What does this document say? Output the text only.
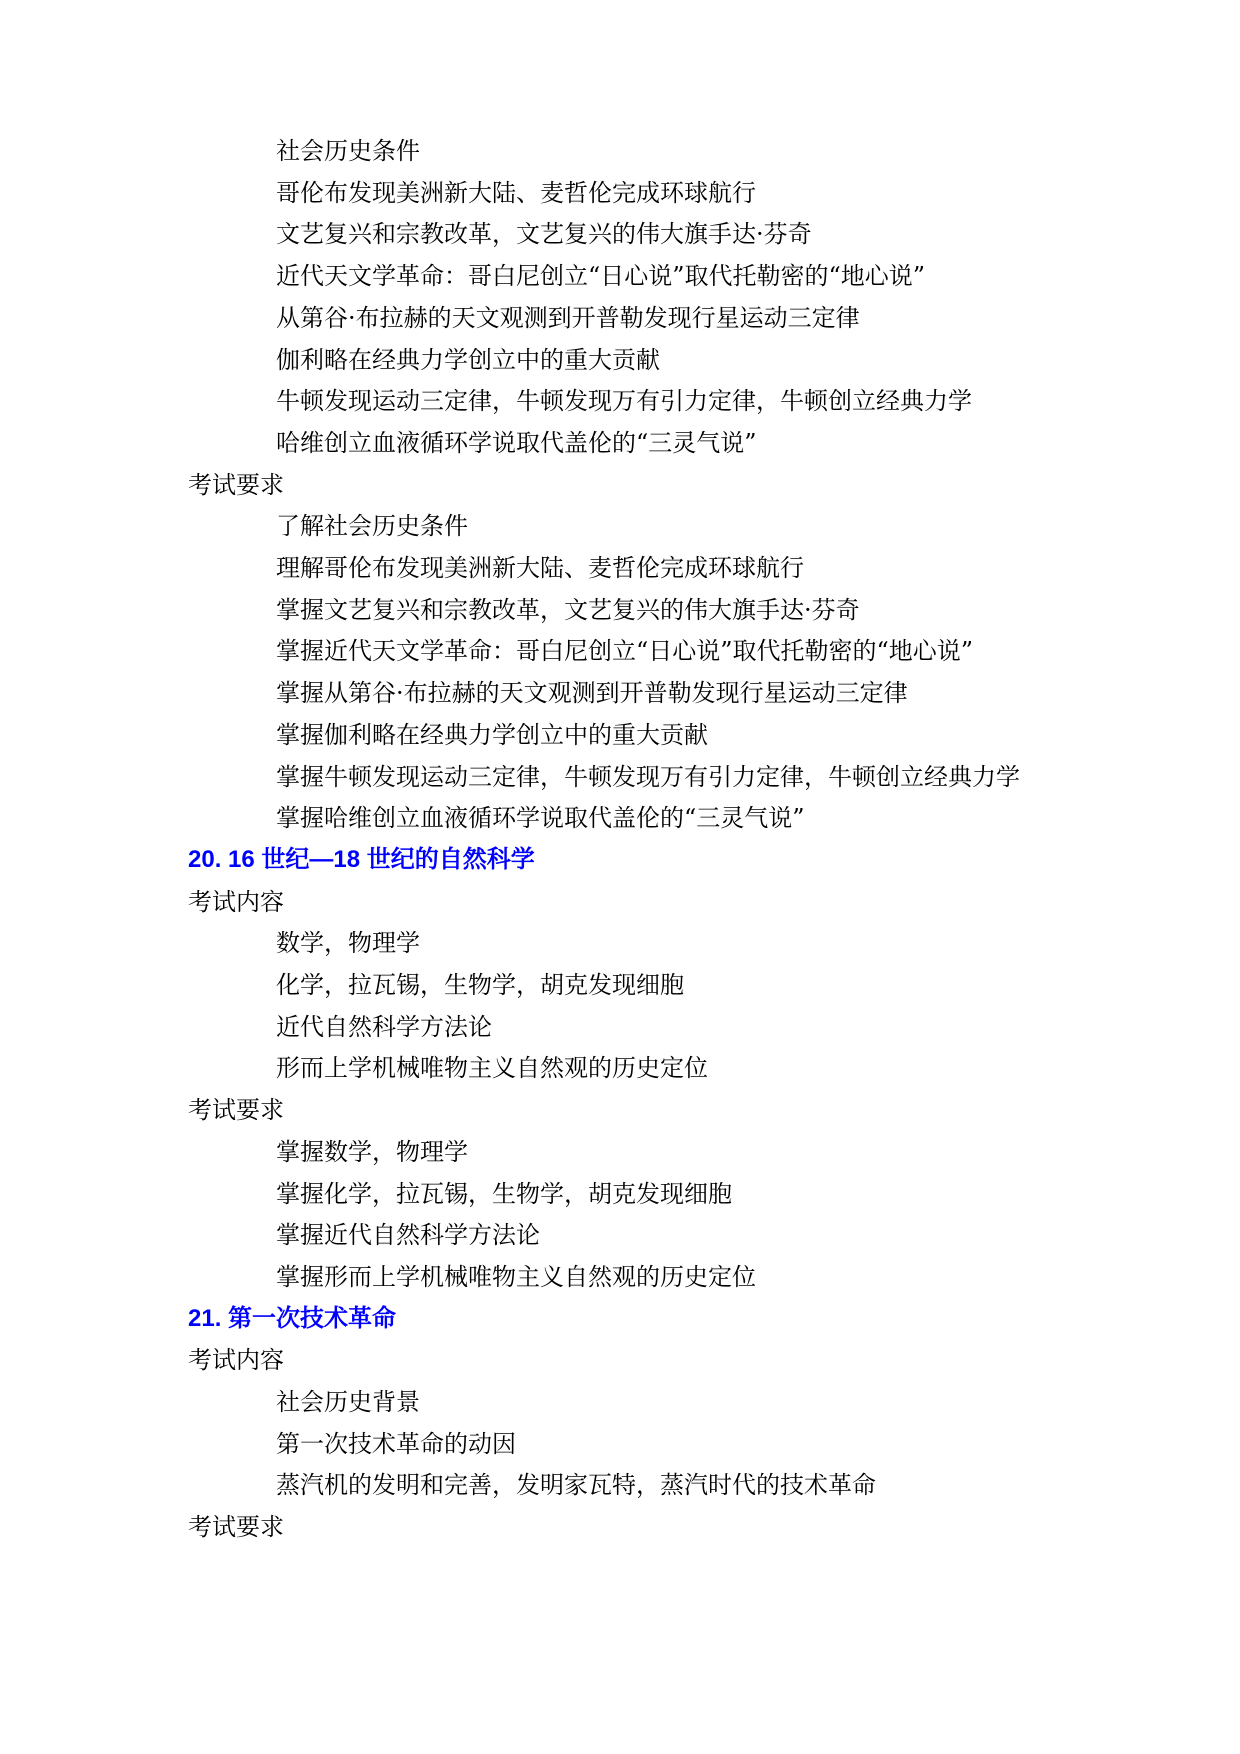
社会历史条件
哥伦布发现美洲新大陆、麦哲伦完成环球航行
文艺复兴和宗教改革，文艺复兴的伟大旗手达·芬奇
近代天文学革命：哥白尼创立“日心说”取代托勒密的“地心说”
从第谷·布拉赫的天文观测到开普勒发现行星运动三定律
伽利略在经典力学创立中的重大贡献
牛顿发现运动三定律，牛顿发现万有引力定律，牛顿创立经典力学
哈维创立血液循环学说取代盖伦的“三灵气说”
考试要求
了解社会历史条件
理解哥伦布发现美洲新大陆、麦哲伦完成环球航行
掌握文艺复兴和宗教改革，文艺复兴的伟大旗手达·芬奇
掌握近代天文学革命：哥白尼创立“日心说”取代托勒密的“地心说”
掌握从第谷·布拉赫的天文观测到开普勒发现行星运动三定律
掌握伽利略在经典力学创立中的重大贡献
掌握牛顿发现运动三定律，牛顿发现万有引力定律，牛顿创立经典力学
掌握哈维创立血液循环学说取代盖伦的“三灵气说”
20. 16 世纪—18 世纪的自然科学
考试内容
数学，物理学
化学，拉瓦锡，生物学，胡克发现细胞
近代自然科学方法论
形而上学机械唯物主义自然观的历史定位
考试要求
掌握数学，物理学
掌握化学，拉瓦锡，生物学，胡克发现细胞
掌握近代自然科学方法论
掌握形而上学机械唯物主义自然观的历史定位
21. 第一次技术革命
考试内容
社会历史背景
第一次技术革命的动因
蒸汽机的发明和完善，发明家瓦特，蒸汽时代的技术革命
考试要求
